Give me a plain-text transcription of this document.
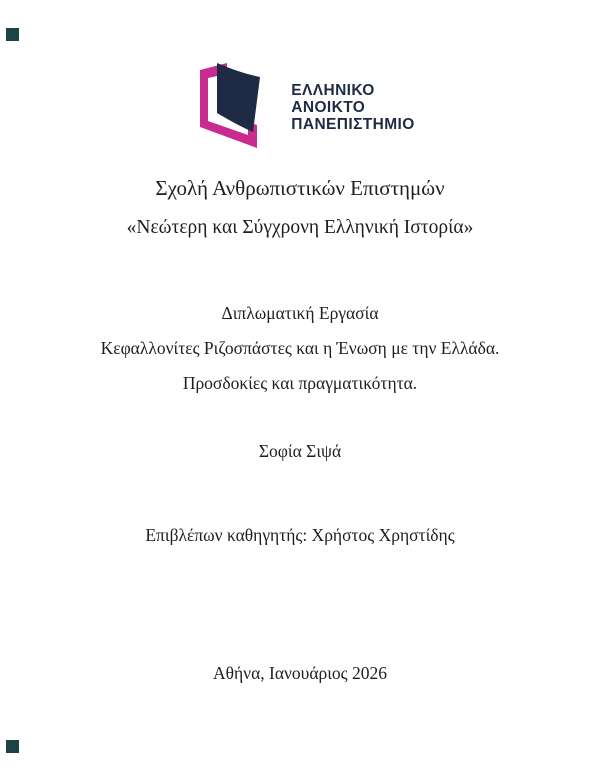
ΕΛΛΗΝΙΚΟ
ΑΝΟΙΚΤΟ
ΠΑΝΕΠΙΣΤΗΜΙΟ
Σχολή Ανθρωπιστικών Επιστημών
«Νεώτερη και Σύγχρονη Ελληνική Ιστορία»
Διπλωματική Εργασία
Κεφαλλονίτες Ριζοσπάστες και η Ένωση με την Ελλάδα.
Προσδοκίες και πραγματικότητα.
Σοφία Σιψά
Επιβλέπων καθηγητής: Χρήστος Χρηστίδης
Αθήνα, Ιανουάριος 2026
